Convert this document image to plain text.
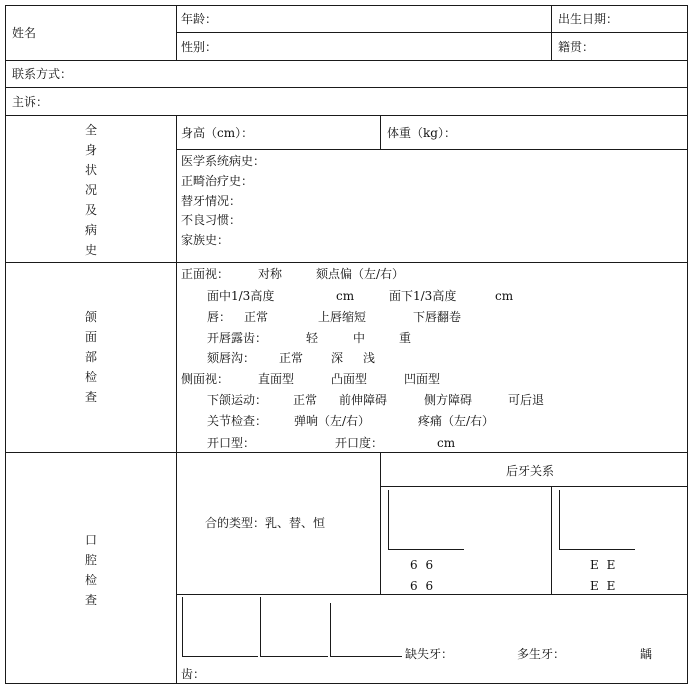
姓名
年龄：	出生日期：
性别：	籍贯：
联系方式：
主诉：
全
身
状
况
及
病
史
身高（cm）：	体重（kg）：
医学系统病史：
正畸治疗史：
替牙情况：
不良习惯：
家族史：
颌
面
部
检
查
正面视： 对称	颏点偏（左/右）
面中1/3高度	cm	面下1/3高度	cm
唇： 正常	上唇缩短	下唇翻卷
开唇露齿：	轻	中	重
颏唇沟： 正常 深 浅
侧面视： 直面型	凸面型	凹面型
下颌运动： 正常 前伸障碍	侧方障碍	可后退
关节检查： 弹响（左/右）	疼痛（左/右）
开口型：	开口度：	cm
口
腔
检
查
合的类型：乳、替、恒
后牙关系
6 6
6 6
E E
E E
缺失牙：	多生牙：	龋
齿：
